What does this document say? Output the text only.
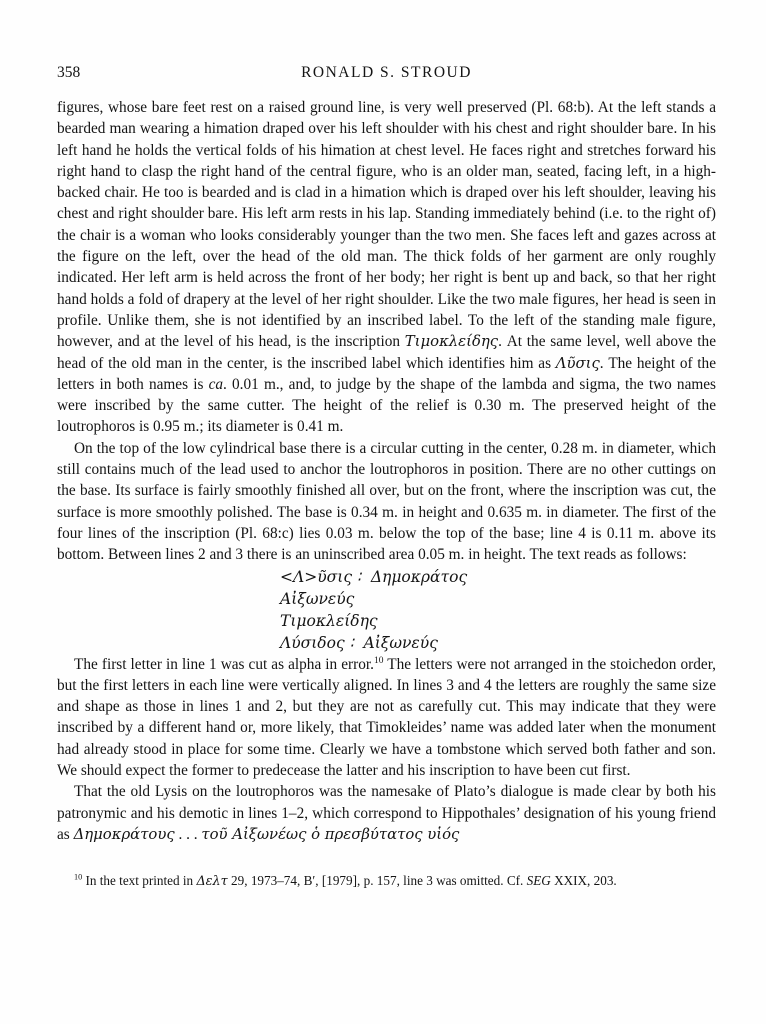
358	RONALD S. STROUD

figures, whose bare feet rest on a raised ground line, is very well preserved (Pl. 68:b). At the left stands a bearded man wearing a himation draped over his left shoulder with his chest and right shoulder bare. In his left hand he holds the vertical folds of his himation at chest level. He faces right and stretches forward his right hand to clasp the right hand of the central figure, who is an older man, seated, facing left, in a high-backed chair. He too is bearded and is clad in a himation which is draped over his left shoulder, leaving his chest and right shoulder bare. His left arm rests in his lap. Standing immediately behind (i.e. to the right of) the chair is a woman who looks considerably younger than the two men. She faces left and gazes across at the figure on the left, over the head of the old man. The thick folds of her garment are only roughly indicated. Her left arm is held across the front of her body; her right is bent up and back, so that her right hand holds a fold of drapery at the level of her right shoulder. Like the two male figures, her head is seen in profile. Unlike them, she is not identified by an inscribed label. To the left of the standing male figure, however, and at the level of his head, is the inscription Τιμοκλείδης. At the same level, well above the head of the old man in the center, is the inscribed label which identifies him as Λῦσις. The height of the letters in both names is ca. 0.01 m., and, to judge by the shape of the lambda and sigma, the two names were inscribed by the same cutter. The height of the relief is 0.30 m. The preserved height of the loutrophoros is 0.95 m.; its diameter is 0.41 m.

On the top of the low cylindrical base there is a circular cutting in the center, 0.28 m. in diameter, which still contains much of the lead used to anchor the loutrophoros in position. There are no other cuttings on the base. Its surface is fairly smoothly finished all over, but on the front, where the inscription was cut, the surface is more smoothly polished. The base is 0.34 m. in height and 0.635 m. in diameter. The first of the four lines of the inscription (Pl. 68:c) lies 0.03 m. below the top of the base; line 4 is 0.11 m. above its bottom. Between lines 2 and 3 there is an uninscribed area 0.05 m. in height. The text reads as follows:

<Λ>ῦσις ∶  Δημοκράτος
Αἰξωνεύς
Τιμοκλείδης
Λύσιδος ∶  Αἰξωνεύς

The first letter in line 1 was cut as alpha in error.$^{10}$ The letters were not arranged in the stoichedon order, but the first letters in each line were vertically aligned. In lines 3 and 4 the letters are roughly the same size and shape as those in lines 1 and 2, but they are not as carefully cut. This may indicate that they were inscribed by a different hand or, more likely, that Timokleides’ name was added later when the monument had already stood in place for some time. Clearly we have a tombstone which served both father and son. We should expect the former to predecease the latter and his inscription to have been cut first.

That the old Lysis on the loutrophoros was the namesake of Plato’s dialogue is made clear by both his patronymic and his demotic in lines 1–2, which correspond to Hippothales’ designation of his young friend as Δημοκράτους . . . τοῦ Αἰξωνέως ὁ πρεσβύτατος υἱός

$^{10}$ In the text printed in Δελτ 29, 1973–74, Β′, [1979], p. 157, line 3 was omitted. Cf. SEG XXIX, 203.
